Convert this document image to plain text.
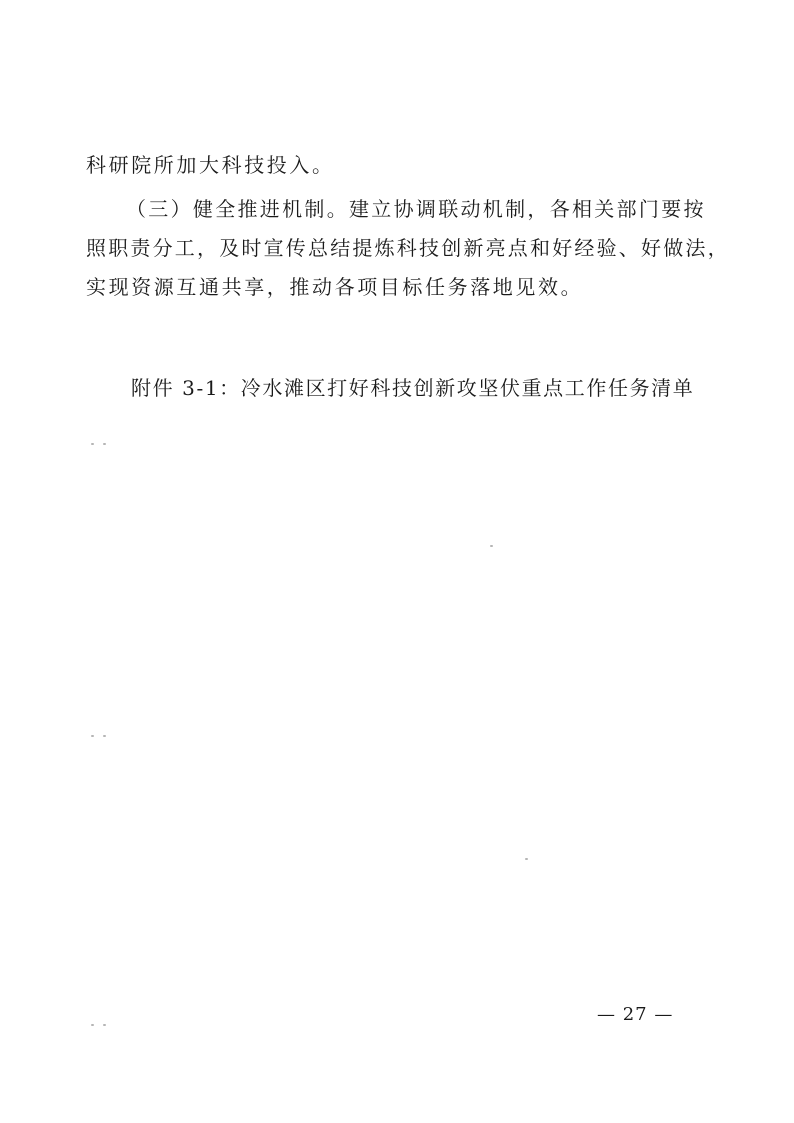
科研院所加大科技投入。
（三）健全推进机制。建立协调联动机制，各相关部门要按
照职责分工，及时宣传总结提炼科技创新亮点和好经验、好做法，
实现资源互通共享，推动各项目标任务落地见效。
附件 3-1：冷水滩区打好科技创新攻坚伏重点工作任务清单
— 27 —
